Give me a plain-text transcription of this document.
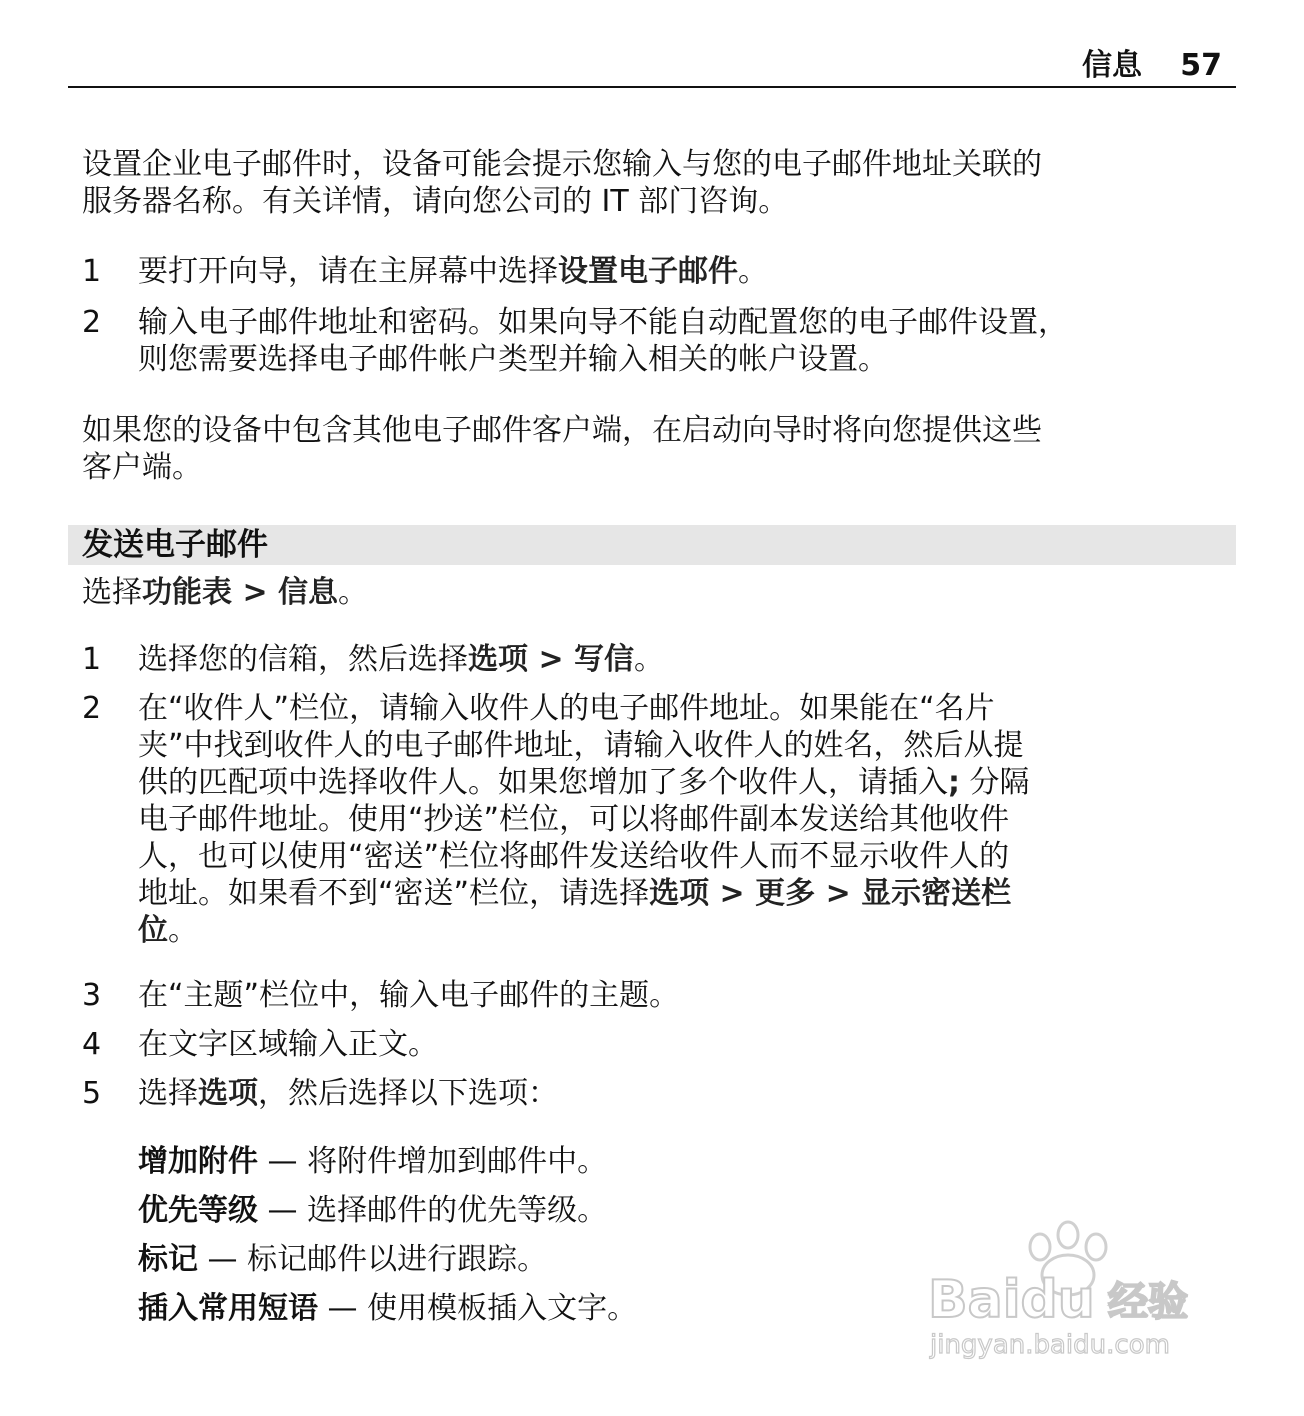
信息 57

设置企业电子邮件时，设备可能会提示您输入与您的电子邮件地址关联的
服务器名称。有关详情，请向您公司的 IT 部门咨询。

1	要打开向导，请在主屏幕中选择设置电子邮件。
2	输入电子邮件地址和密码。如果向导不能自动配置您的电子邮件设置，
则您需要选择电子邮件帐户类型并输入相关的帐户设置。

如果您的设备中包含其他电子邮件客户端，在启动向导时将向您提供这些
客户端。

发送电子邮件

选择功能表 > 信息。

1	选择您的信箱，然后选择选项 > 写信。
2	在“收件人”栏位，请输入收件人的电子邮件地址。如果能在“名片
夹”中找到收件人的电子邮件地址，请输入收件人的姓名，然后从提
供的匹配项中选择收件人。如果您增加了多个收件人，请插入; 分隔
电子邮件地址。使用“抄送”栏位，可以将邮件副本发送给其他收件
人，也可以使用“密送”栏位将邮件发送给收件人而不显示收件人的
地址。如果看不到“密送”栏位，请选择选项 > 更多 > 显示密送栏
位。
3	在“主题”栏位中，输入电子邮件的主题。
4	在文字区域输入正文。
5	选择选项，然后选择以下选项：
增加附件 — 将附件增加到邮件中。
优先等级 — 选择邮件的优先等级。
标记 — 标记邮件以进行跟踪。
插入常用短语 — 使用模板插入文字。	Baidu 经验
jingyan.baidu.com
